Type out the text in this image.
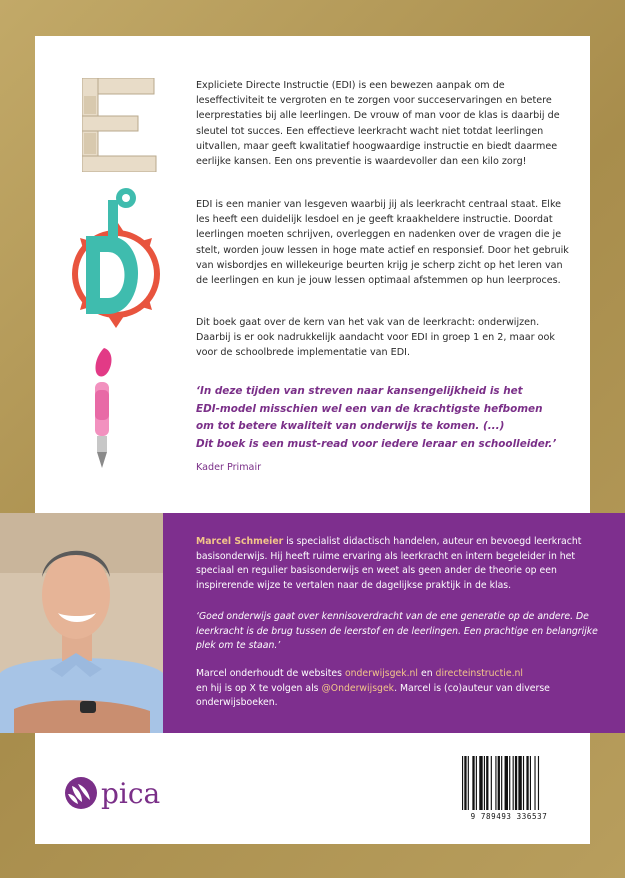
Expliciete Directe Instructie (EDI) is een bewezen aanpak om de leseffectiviteit te vergroten en te zorgen voor succeservaringen en betere leerprestaties bij alle leerlingen. De vrouw of man voor de klas is daarbij de sleutel tot succes. Een effectieve leerkracht wacht niet totdat leerlingen uitvallen, maar geeft kwalitatief hoogwaardige instructie en biedt daarmee eerlijke kansen. Een ons preventie is waardevoller dan een kilo zorg!

EDI is een manier van lesgeven waarbij jij als leerkracht centraal staat. Elke les heeft een duidelijk lesdoel en je geeft kraakheldere instructie. Doordat leerlingen moeten schrijven, overleggen en nadenken over de vragen die je stelt, worden jouw lessen in hoge mate actief en responsief. Door het gebruik van wisbordjes en willekeurige beurten krijg je scherp zicht op het leren van de leerlingen en kun je jouw lessen optimaal afstemmen op hun leerproces.

Dit boek gaat over de kern van het vak van de leerkracht: onderwijzen. Daarbij is er ook nadrukkelijk aandacht voor EDI in groep 1 en 2, maar ook voor de schoolbrede implementatie van EDI.

‘In deze tijden van streven naar kansengelijkheid is het
EDI-model misschien wel een van de krachtigste hefbomen
om tot betere kwaliteit van onderwijs te komen. (...)
Dit boek is een must-read voor iedere leraar en schoolleider.’

Kader Primair

Marcel Schmeier is specialist didactisch handelen, auteur en bevoegd leerkracht basisonderwijs. Hij heeft ruime ervaring als leerkracht en intern begeleider in het speciaal en regulier basisonderwijs en weet als geen ander de theorie op een inspirerende wijze te vertalen naar de dagelijkse praktijk in de klas.

‘Goed onderwijs gaat over kennisoverdracht van de ene generatie op de andere. De leerkracht is de brug tussen de leerstof en de leerlingen. Een prachtige en belangrijke plek om te staan.’

Marcel onderhoudt de websites onderwijsgek.nl en directeinstructie.nl
en hij is op X te volgen als @Onderwijsgek. Marcel is (co)auteur van diverse onderwijsboeken.

pica

9 789493 336537
